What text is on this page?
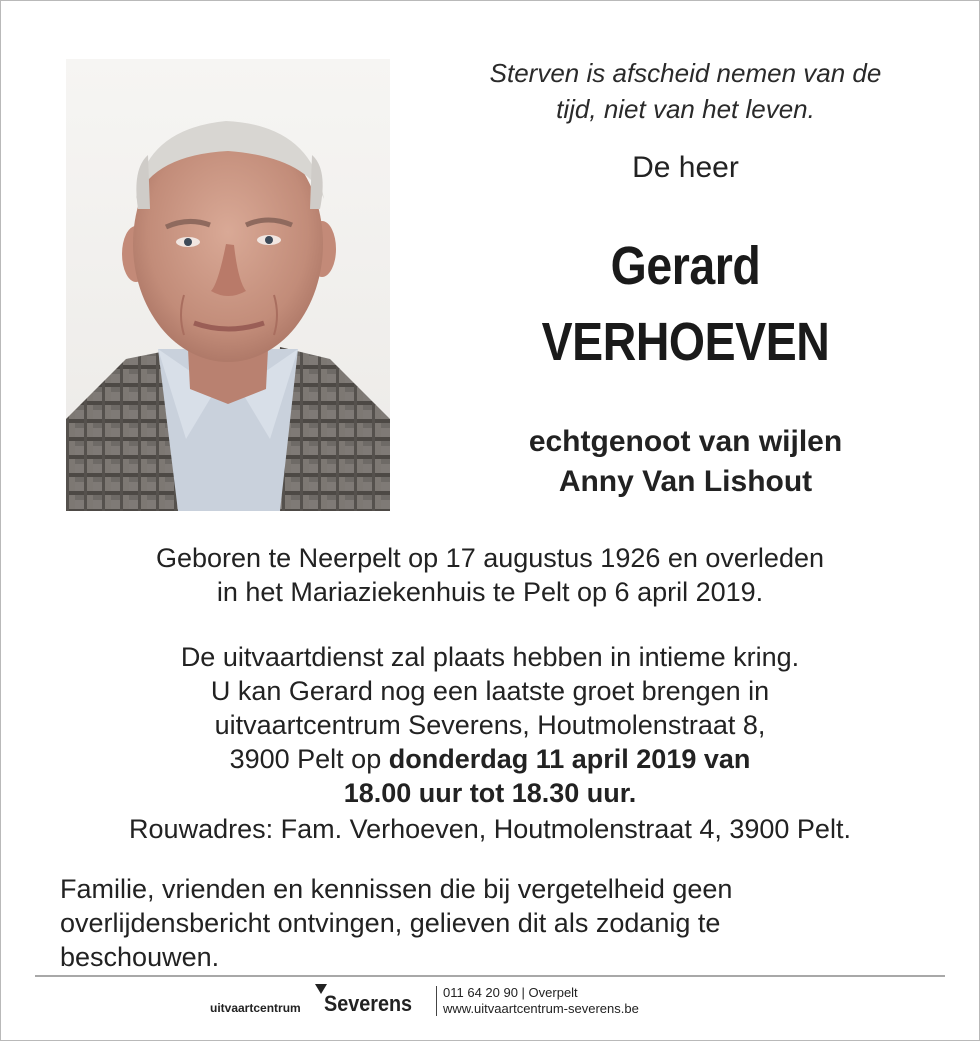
Sterven is afscheid nemen van de
tijd, niet van het leven.
De heer
Gerard
VERHOEVEN
echtgenoot van wijlen
Anny Van Lishout
Geboren te Neerpelt op 17 augustus 1926 en overleden
in het Mariaziekenhuis te Pelt op 6 april 2019.
De uitvaartdienst zal plaats hebben in intieme kring.
U kan Gerard nog een laatste groet brengen in
uitvaartcentrum Severens, Houtmolenstraat 8,
3900 Pelt op donderdag 11 april 2019 van
18.00 uur tot 18.30 uur.
Rouwadres: Fam. Verhoeven, Houtmolenstraat 4, 3900 Pelt.
Familie, vrienden en kennissen die bij vergetelheid geen
overlijdensbericht ontvingen, gelieven dit als zodanig te
beschouwen.
uitvaartcentrum Severens 011 64 20 90 | Overpelt
www.uitvaartcentrum-severens.be
